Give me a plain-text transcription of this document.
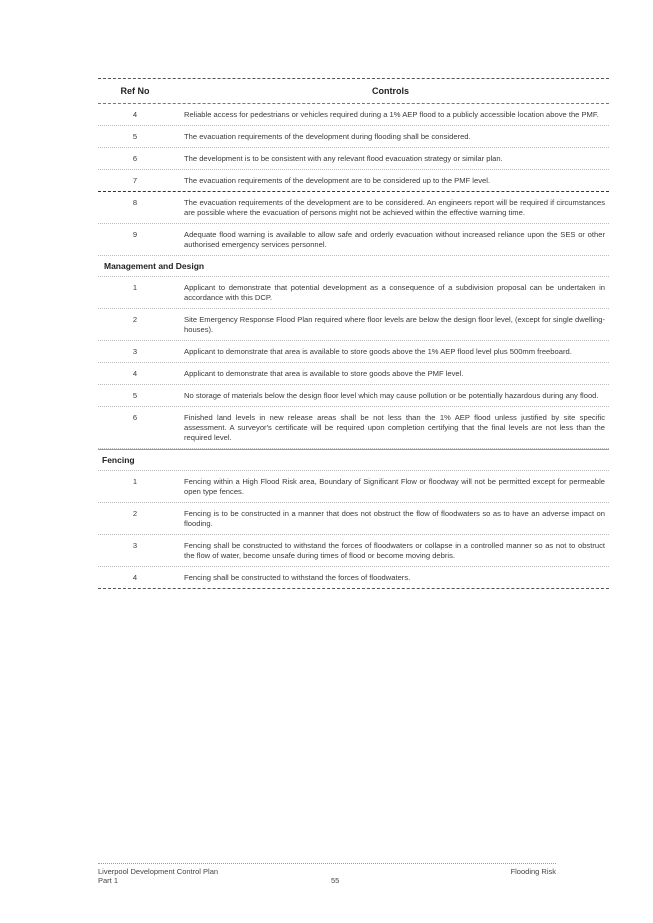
Ref No	Controls
4	Reliable access for pedestrians or vehicles required during a 1% AEP flood to a publicly accessible location above the PMF.
5	The evacuation requirements of the development during flooding shall be considered.
6	The development is to be consistent with any relevant flood evacuation strategy or similar plan.
7	The evacuation requirements of the development are to be considered up to the PMF level.
8	The evacuation requirements of the development are to be considered. An engineers report will be required if circumstances are possible where the evacuation of persons might not be achieved within the effective warning time.
9	Adequate flood warning is available to allow safe and orderly evacuation without increased reliance upon the SES or other authorised emergency services personnel.
Management and Design
1	Applicant to demonstrate that potential development as a consequence of a subdivision proposal can be undertaken in accordance with this DCP.
2	Site Emergency Response Flood Plan required where floor levels are below the design floor level, (except for single dwelling-houses).
3	Applicant to demonstrate that area is available to store goods above the 1% AEP flood level plus 500mm freeboard.
4	Applicant to demonstrate that area is available to store goods above the PMF level.
5	No storage of materials below the design floor level which may cause pollution or be potentially hazardous during any flood.
6	Finished land levels in new release areas shall be not less than the 1% AEP flood unless justified by site specific assessment. A surveyor's certificate will be required upon completion certifying that the final levels are not less than the required level.
Fencing
1	Fencing within a High Flood Risk area, Boundary of Significant Flow or floodway will not be permitted except for permeable open type fences.
2	Fencing is to be constructed in a manner that does not obstruct the flow of floodwaters so as to have an adverse impact on flooding.
3	Fencing shall be constructed to withstand the forces of floodwaters or collapse in a controlled manner so as not to obstruct the flow of water, become unsafe during times of flood or become moving debris.
4	Fencing shall be constructed to withstand the forces of floodwaters.
Liverpool Development Control Plan	Flooding Risk
Part 1	55
